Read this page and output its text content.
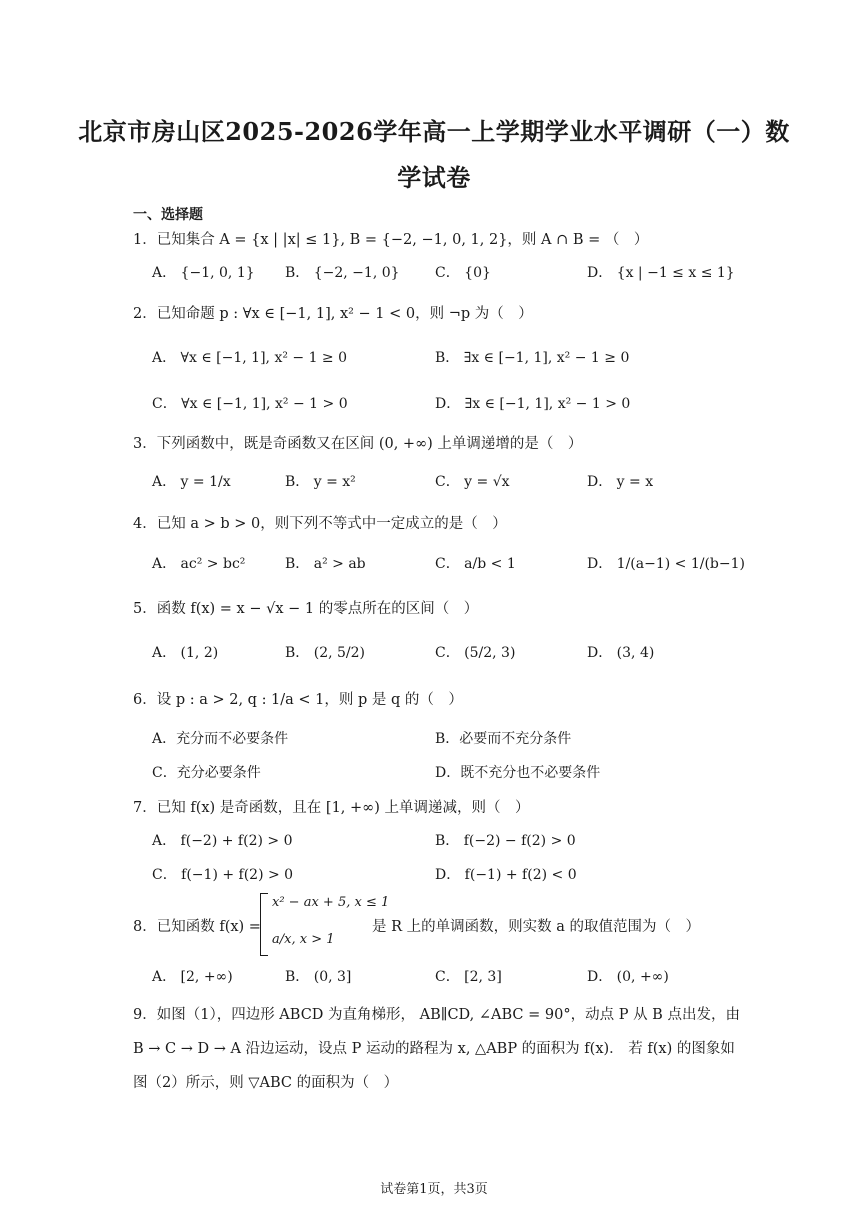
北京市房山区2025-2026学年高一上学期学业水平调研（一）数
学试卷
一、选择题
1．已知集合 A = {x | |x| ≤ 1}, B = {−2, −1, 0, 1, 2}，则 A ∩ B = （　）
A． {−1, 0, 1} B． {−2, −1, 0}	C． {0}	D． {x | −1 ≤ x ≤ 1}
2．已知命题 p : ∀x ∈ [−1, 1], x² − 1 < 0，则 ¬p 为（　）
A． ∀x ∈ [−1, 1], x² − 1 ≥ 0	B． ∃x ∈ [−1, 1], x² − 1 ≥ 0
C． ∀x ∈ [−1, 1], x² − 1 > 0	D． ∃x ∈ [−1, 1], x² − 1 > 0
3．下列函数中，既是奇函数又在区间 (0, +∞) 上单调递增的是（　）
A． y = 1/x	B． y = x²	C． y = √x	D． y = x
4．已知 a > b > 0，则下列不等式中一定成立的是（　）
A． ac² > bc²	B． a² > ab	C． a/b < 1	D． 1/(a−1) < 1/(b−1)
5．函数 f(x) = x − √x − 1 的零点所在的区间（　）
A． (1, 2)	B． (2, 5/2)	C． (5/2, 3)	D． (3, 4)
6．设 p : a > 2, q : 1/a < 1，则 p 是 q 的（　）
A．充分而不必要条件	B．必要而不充分条件
C．充分必要条件	D．既不充分也不必要条件
7．已知 f(x) 是奇函数，且在 [1, +∞) 上单调递减，则（　）
A． f(−2) + f(2) > 0	B． f(−2) − f(2) > 0
C． f(−1) + f(2) > 0	D． f(−1) + f(2) < 0
8．已知函数 f(x) =
x² − ax + 5, x ≤ 1
a/x, x > 1
是 R 上的单调函数，则实数 a 的取值范围为（　）
A． [2, +∞)	B． (0, 3]	C． [2, 3]	D． (0, +∞)
9．如图（1），四边形 ABCD 为直角梯形， AB∥CD, ∠ABC = 90°，动点 P 从 B 点出发，由
B → C → D → A 沿边运动，设点 P 运动的路程为 x, △ABP 的面积为 f(x)． 若 f(x) 的图象如
图（2）所示，则 ▽ABC 的面积为（　）
试卷第1页，共3页
